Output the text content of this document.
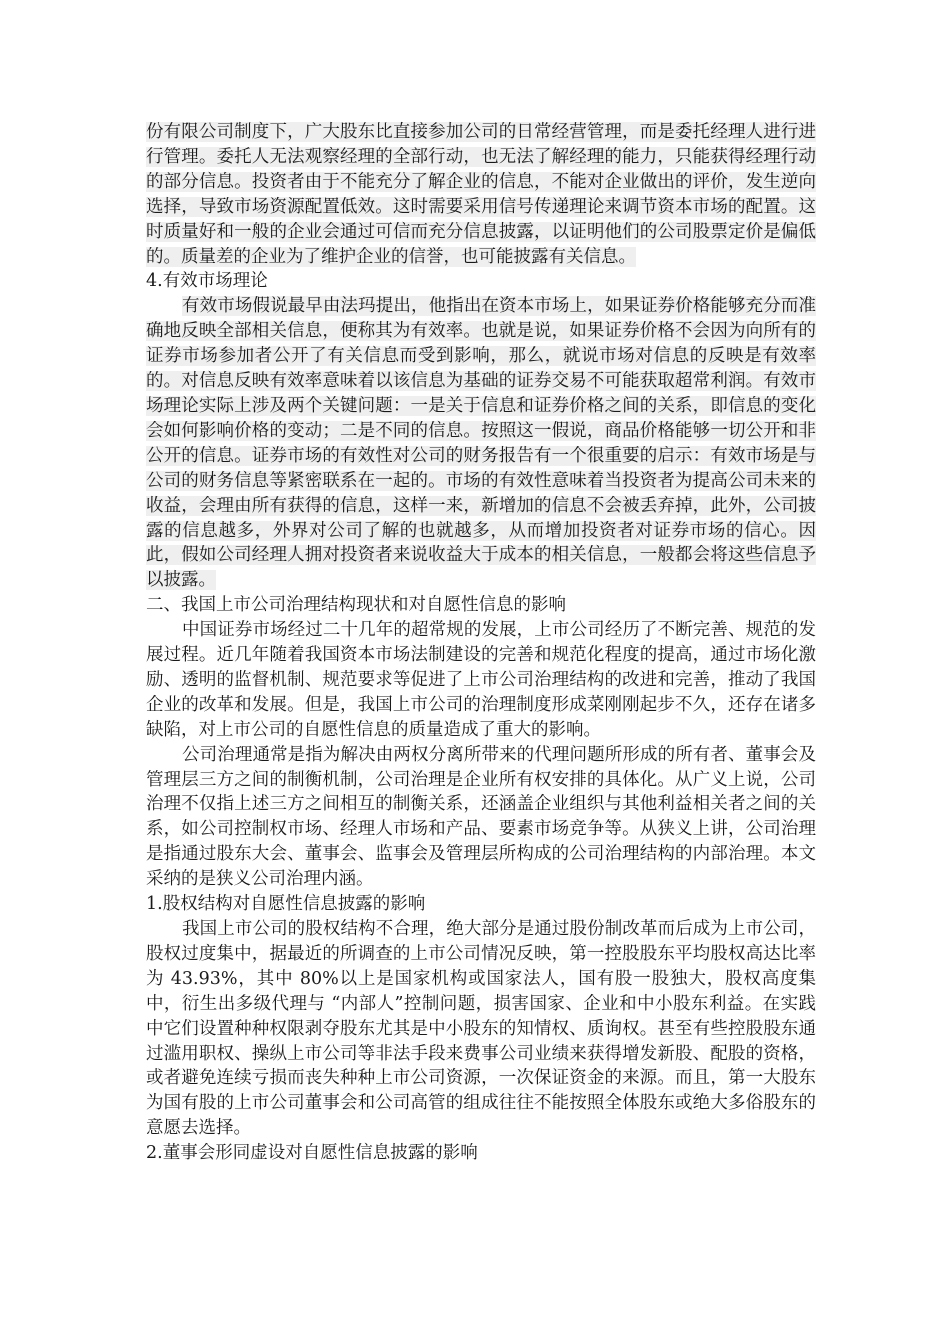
份有限公司制度下，广大股东比直接参加公司的日常经营管理，而是委托经理人进行进行管理。委托人无法观察经理的全部行动，也无法了解经理的能力，只能获得经理行动的部分信息。投资者由于不能充分了解企业的信息，不能对企业做出的评价，发生逆向选择，导致市场资源配置低效。这时需要采用信号传递理论来调节资本市场的配置。这时质量好和一般的企业会通过可信而充分信息披露，以证明他们的公司股票定价是偏低的。质量差的企业为了维护企业的信誉，也可能披露有关信息。

4.有效市场理论

有效市场假说最早由法玛提出，他指出在资本市场上，如果证券价格能够充分而准确地反映全部相关信息，便称其为有效率。也就是说，如果证券价格不会因为向所有的证券市场参加者公开了有关信息而受到影响，那么，就说市场对信息的反映是有效率的。对信息反映有效率意味着以该信息为基础的证券交易不可能获取超常利润。有效市场理论实际上涉及两个关键问题：一是关于信息和证券价格之间的关系，即信息的变化会如何影响价格的变动；二是不同的信息。按照这一假说，商品价格能够一切公开和非公开的信息。证券市场的有效性对公司的财务报告有一个很重要的启示：有效市场是与公司的财务信息等紧密联系在一起的。市场的有效性意味着当投资者为提高公司未来的收益，会理由所有获得的信息，这样一来，新增加的信息不会被丢弃掉，此外，公司披露的信息越多，外界对公司了解的也就越多，从而增加投资者对证券市场的信心。因此，假如公司经理人拥对投资者来说收益大于成本的相关信息，一般都会将这些信息予以披露。

二、我国上市公司治理结构现状和对自愿性信息的影响

中国证券市场经过二十几年的超常规的发展，上市公司经历了不断完善、规范的发展过程。近几年随着我国资本市场法制建设的完善和规范化程度的提高，通过市场化激励、透明的监督机制、规范要求等促进了上市公司治理结构的改进和完善，推动了我国企业的改革和发展。但是，我国上市公司的治理制度形成菜刚刚起步不久，还存在诸多缺陷，对上市公司的自愿性信息的质量造成了重大的影响。

公司治理通常是指为解决由两权分离所带来的代理问题所形成的所有者、董事会及管理层三方之间的制衡机制，公司治理是企业所有权安排的具体化。从广义上说，公司治理不仅指上述三方之间相互的制衡关系，还涵盖企业组织与其他利益相关者之间的关系，如公司控制权市场、经理人市场和产品、要素市场竞争等。从狭义上讲，公司治理是指通过股东大会、董事会、监事会及管理层所构成的公司治理结构的内部治理。本文采纳的是狭义公司治理内涵。

1.股权结构对自愿性信息披露的影响

我国上市公司的股权结构不合理，绝大部分是通过股份制改革而后成为上市公司，股权过度集中，据最近的所调查的上市公司情况反映，第一控股股东平均股权高达比率为 43.93%，其中 80%以上是国家机构或国家法人，国有股一股独大，股权高度集中，衍生出多级代理与 “内部人”控制问题，损害国家、企业和中小股东利益。在实践中它们设置种种权限剥夺股东尤其是中小股东的知情权、质询权。甚至有些控股股东通过滥用职权、操纵上市公司等非法手段来费事公司业绩来获得增发新股、配股的资格，或者避免连续亏损而丧失种种上市公司资源，一次保证资金的来源。而且，第一大股东为国有股的上市公司董事会和公司高管的组成往往不能按照全体股东或绝大多俗股东的意愿去选择。

2.董事会形同虚设对自愿性信息披露的影响
